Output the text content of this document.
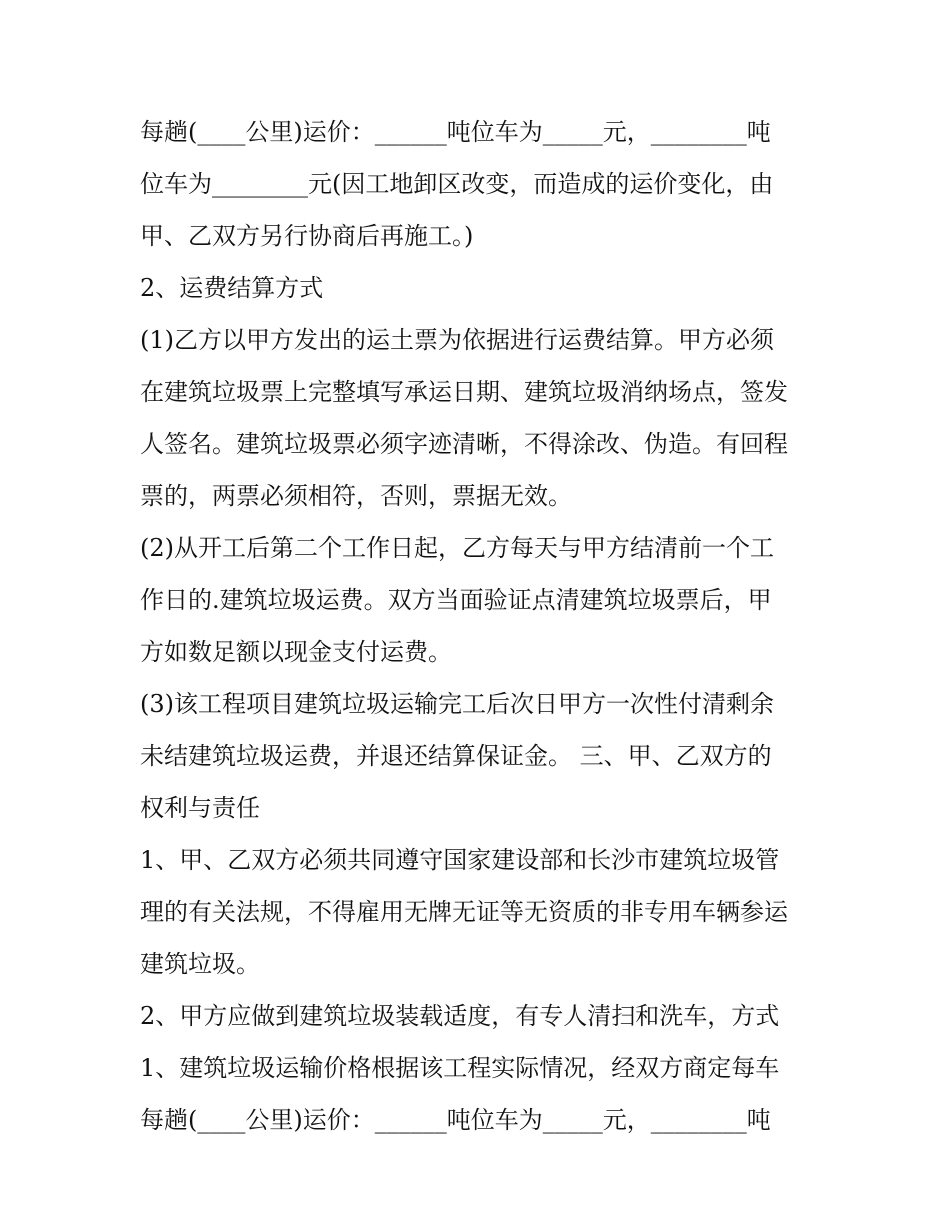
每趟(____公里)运价：______吨位车为_____元，________吨
位车为________元(因工地卸区改变，而造成的运价变化，由
甲、乙双方另行协商后再施工。)
2、运费结算方式
(1)乙方以甲方发出的运土票为依据进行运费结算。甲方必须
在建筑垃圾票上完整填写承运日期、建筑垃圾消纳场点，签发
人签名。建筑垃圾票必须字迹清晰，不得涂改、伪造。有回程
票的，两票必须相符，否则，票据无效。
(2)从开工后第二个工作日起，乙方每天与甲方结清前一个工
作日的.建筑垃圾运费。双方当面验证点清建筑垃圾票后，甲
方如数足额以现金支付运费。
(3)该工程项目建筑垃圾运输完工后次日甲方一次性付清剩余
未结建筑垃圾运费，并退还结算保证金。 三、甲、乙双方的
权利与责任
1、甲、乙双方必须共同遵守国家建设部和长沙市建筑垃圾管
理的有关法规，不得雇用无牌无证等无资质的非专用车辆参运
建筑垃圾。
2、甲方应做到建筑垃圾装载适度，有专人清扫和洗车，方式
1、建筑垃圾运输价格根据该工程实际情况，经双方商定每车
每趟(____公里)运价：______吨位车为_____元，________吨
